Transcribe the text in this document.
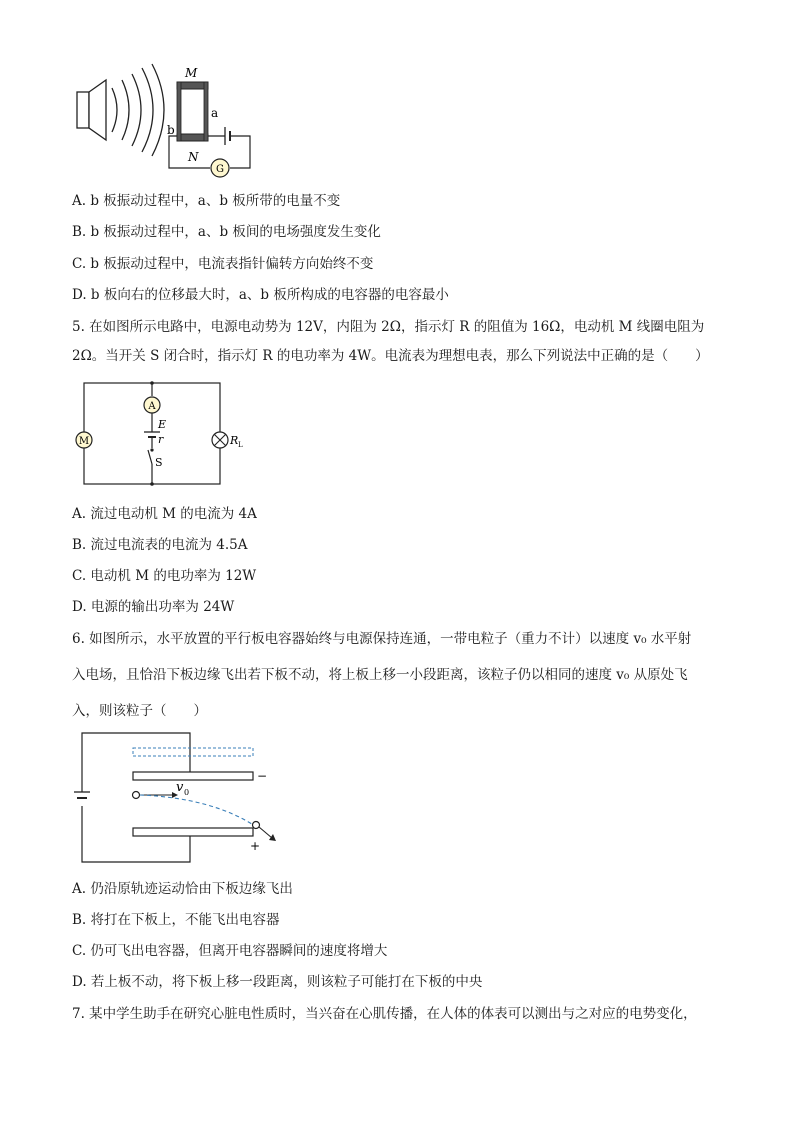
G
M
a
b
N
A. b 板振动过程中，a、b 板所带的电量不变
B. b 板振动过程中，a、b 板间的电场强度发生变化
C. b 板振动过程中，电流表指针偏转方向始终不变
D. b 板向右的位移最大时，a、b 板所构成的电容器的电容最小
5. 在如图所示电路中，电源电动势为 12V，内阻为 2Ω，指示灯 R 的阻值为 16Ω，电动机 M 线圈电阻为
2Ω。当开关 S 闭合时，指示灯 R 的电功率为 4W。电流表为理想电表，那么下列说法中正确的是（　　）
A
E
r
S
M	R L
A. 流过电动机 M 的电流为 4A
B. 流过电流表的电流为 4.5A
C. 电动机 M 的电功率为 12W
D. 电源的输出功率为 24W
6. 如图所示，水平放置的平行板电容器始终与电源保持连通，一带电粒子（重力不计）以速度 v₀ 水平射
入电场，且恰沿下板边缘飞出若下板不动，将上板上移一小段距离，该粒子仍以相同的速度 v₀ 从原处飞
入，则该粒子（　　）
−
+
v 0
A. 仍沿原轨迹运动恰由下板边缘飞出
B. 将打在下板上，不能飞出电容器
C. 仍可飞出电容器，但离开电容器瞬间的速度将增大
D. 若上板不动，将下板上移一段距离，则该粒子可能打在下板的中央
7. 某中学生助手在研究心脏电性质时，当兴奋在心肌传播，在人体的体表可以测出与之对应的电势变化，
